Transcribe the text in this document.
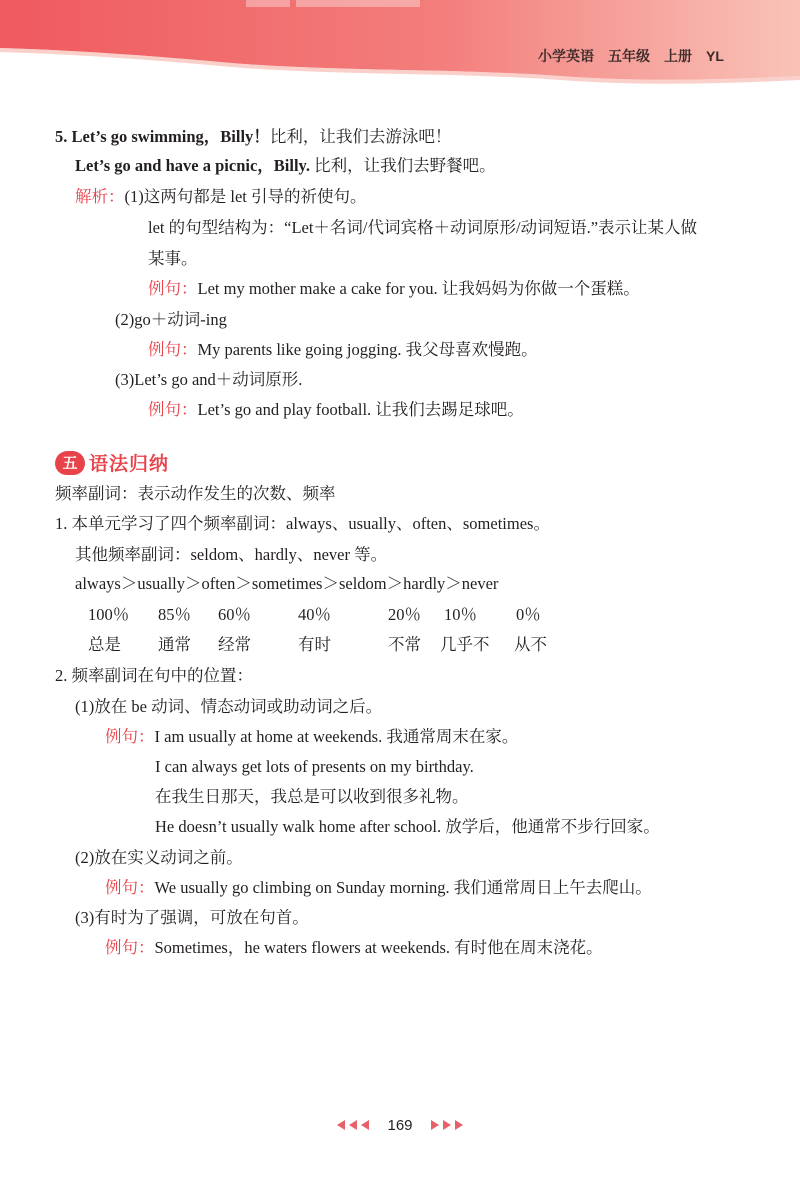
小学英语 五年级 上册 YL
5. Let’s go swimming，Billy！比利，让我们去游泳吧！
Let’s go and have a picnic，Billy. 比利，让我们去野餐吧。
解析：(1)这两句都是 let 引导的祈使句。
let 的句型结构为：“Let＋名词/代词宾格＋动词原形/动词短语.”表示让某人做
某事。
例句：Let my mother make a cake for you. 让我妈妈为你做一个蛋糕。
(2)go＋动词-ing
例句：My parents like going jogging. 我父母喜欢慢跑。
(3)Let’s go and＋动词原形.
例句：Let’s go and play football. 让我们去踢足球吧。
五 语法归纳
频率副词：表示动作发生的次数、频率
1. 本单元学习了四个频率副词：always、usually、often、sometimes。
其他频率副词：seldom、hardly、never 等。
always＞usually＞often＞sometimes＞seldom＞hardly＞never
100％ 85％ 60％	40％	20％ 10％ 0％
总是 通常 经常	有时	不常 几乎不 从不
2. 频率副词在句中的位置：
(1)放在 be 动词、情态动词或助动词之后。
例句：I am usually at home at weekends. 我通常周末在家。
I can always get lots of presents on my birthday.
在我生日那天，我总是可以收到很多礼物。
He doesn’t usually walk home after school. 放学后，他通常不步行回家。
(2)放在实义动词之前。
例句：We usually go climbing on Sunday morning. 我们通常周日上午去爬山。
(3)有时为了强调，可放在句首。
例句：Sometimes，he waters flowers at weekends. 有时他在周末浇花。
169
